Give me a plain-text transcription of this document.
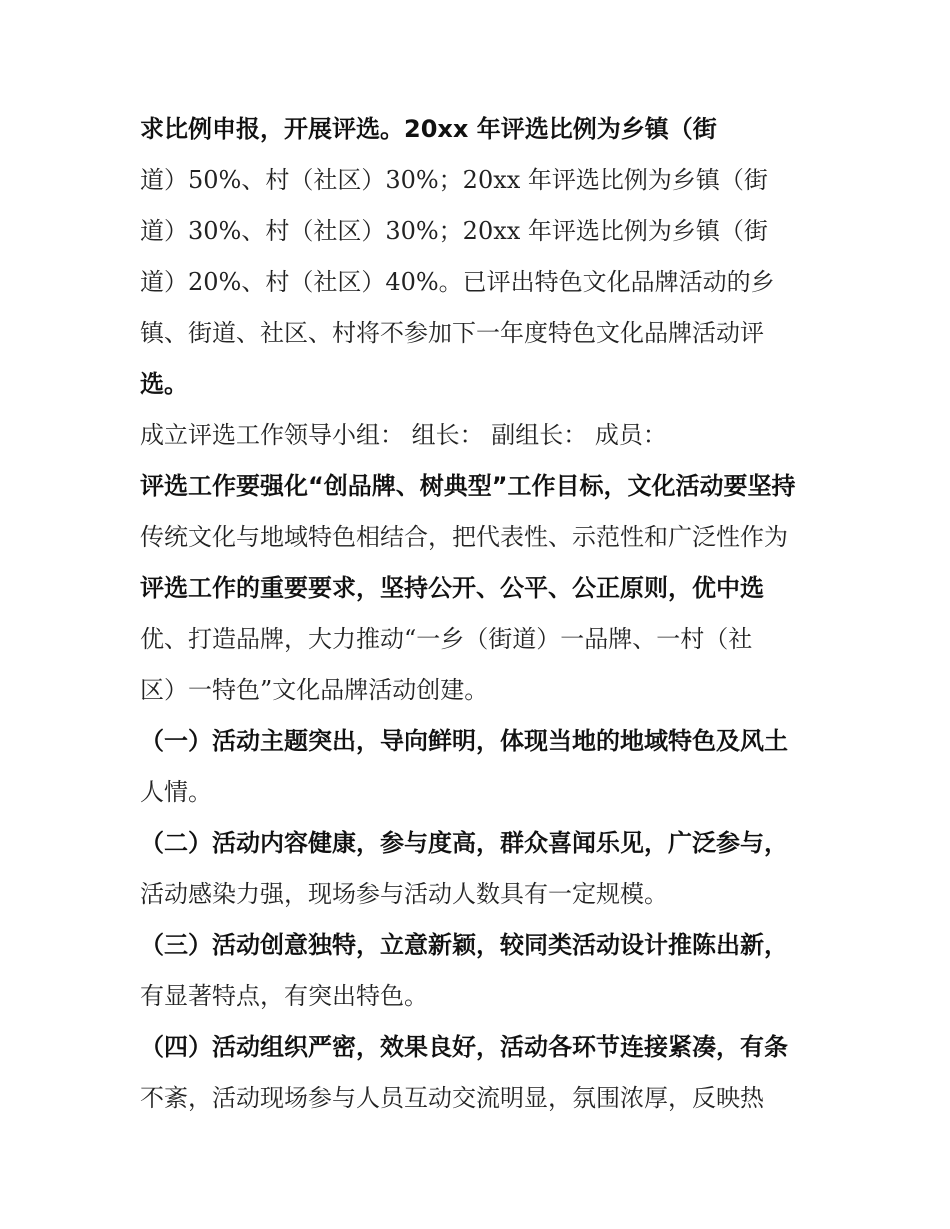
求比例申报，开展评选。20xx 年评选比例为乡镇（街
道）50%、村（社区）30%；20xx 年评选比例为乡镇（街
道）30%、村（社区）30%；20xx 年评选比例为乡镇（街
道）20%、村（社区）40%。已评出特色文化品牌活动的乡
镇、街道、社区、村将不参加下一年度特色文化品牌活动评
选。
成立评选工作领导小组： 组长： 副组长： 成员：
评选工作要强化“创品牌、树典型”工作目标，文化活动要坚持
传统文化与地域特色相结合，把代表性、示范性和广泛性作为
评选工作的重要要求，坚持公开、公平、公正原则，优中选
优、打造品牌，大力推动“一乡（街道）一品牌、一村（社
区）一特色”文化品牌活动创建。
（一）活动主题突出，导向鲜明，体现当地的地域特色及风土
人情。
（二）活动内容健康，参与度高，群众喜闻乐见，广泛参与，
活动感染力强，现场参与活动人数具有一定规模。
（三）活动创意独特，立意新颖，较同类活动设计推陈出新，
有显著特点，有突出特色。
（四）活动组织严密，效果良好，活动各环节连接紧凑，有条
不紊，活动现场参与人员互动交流明显，氛围浓厚，反映热
